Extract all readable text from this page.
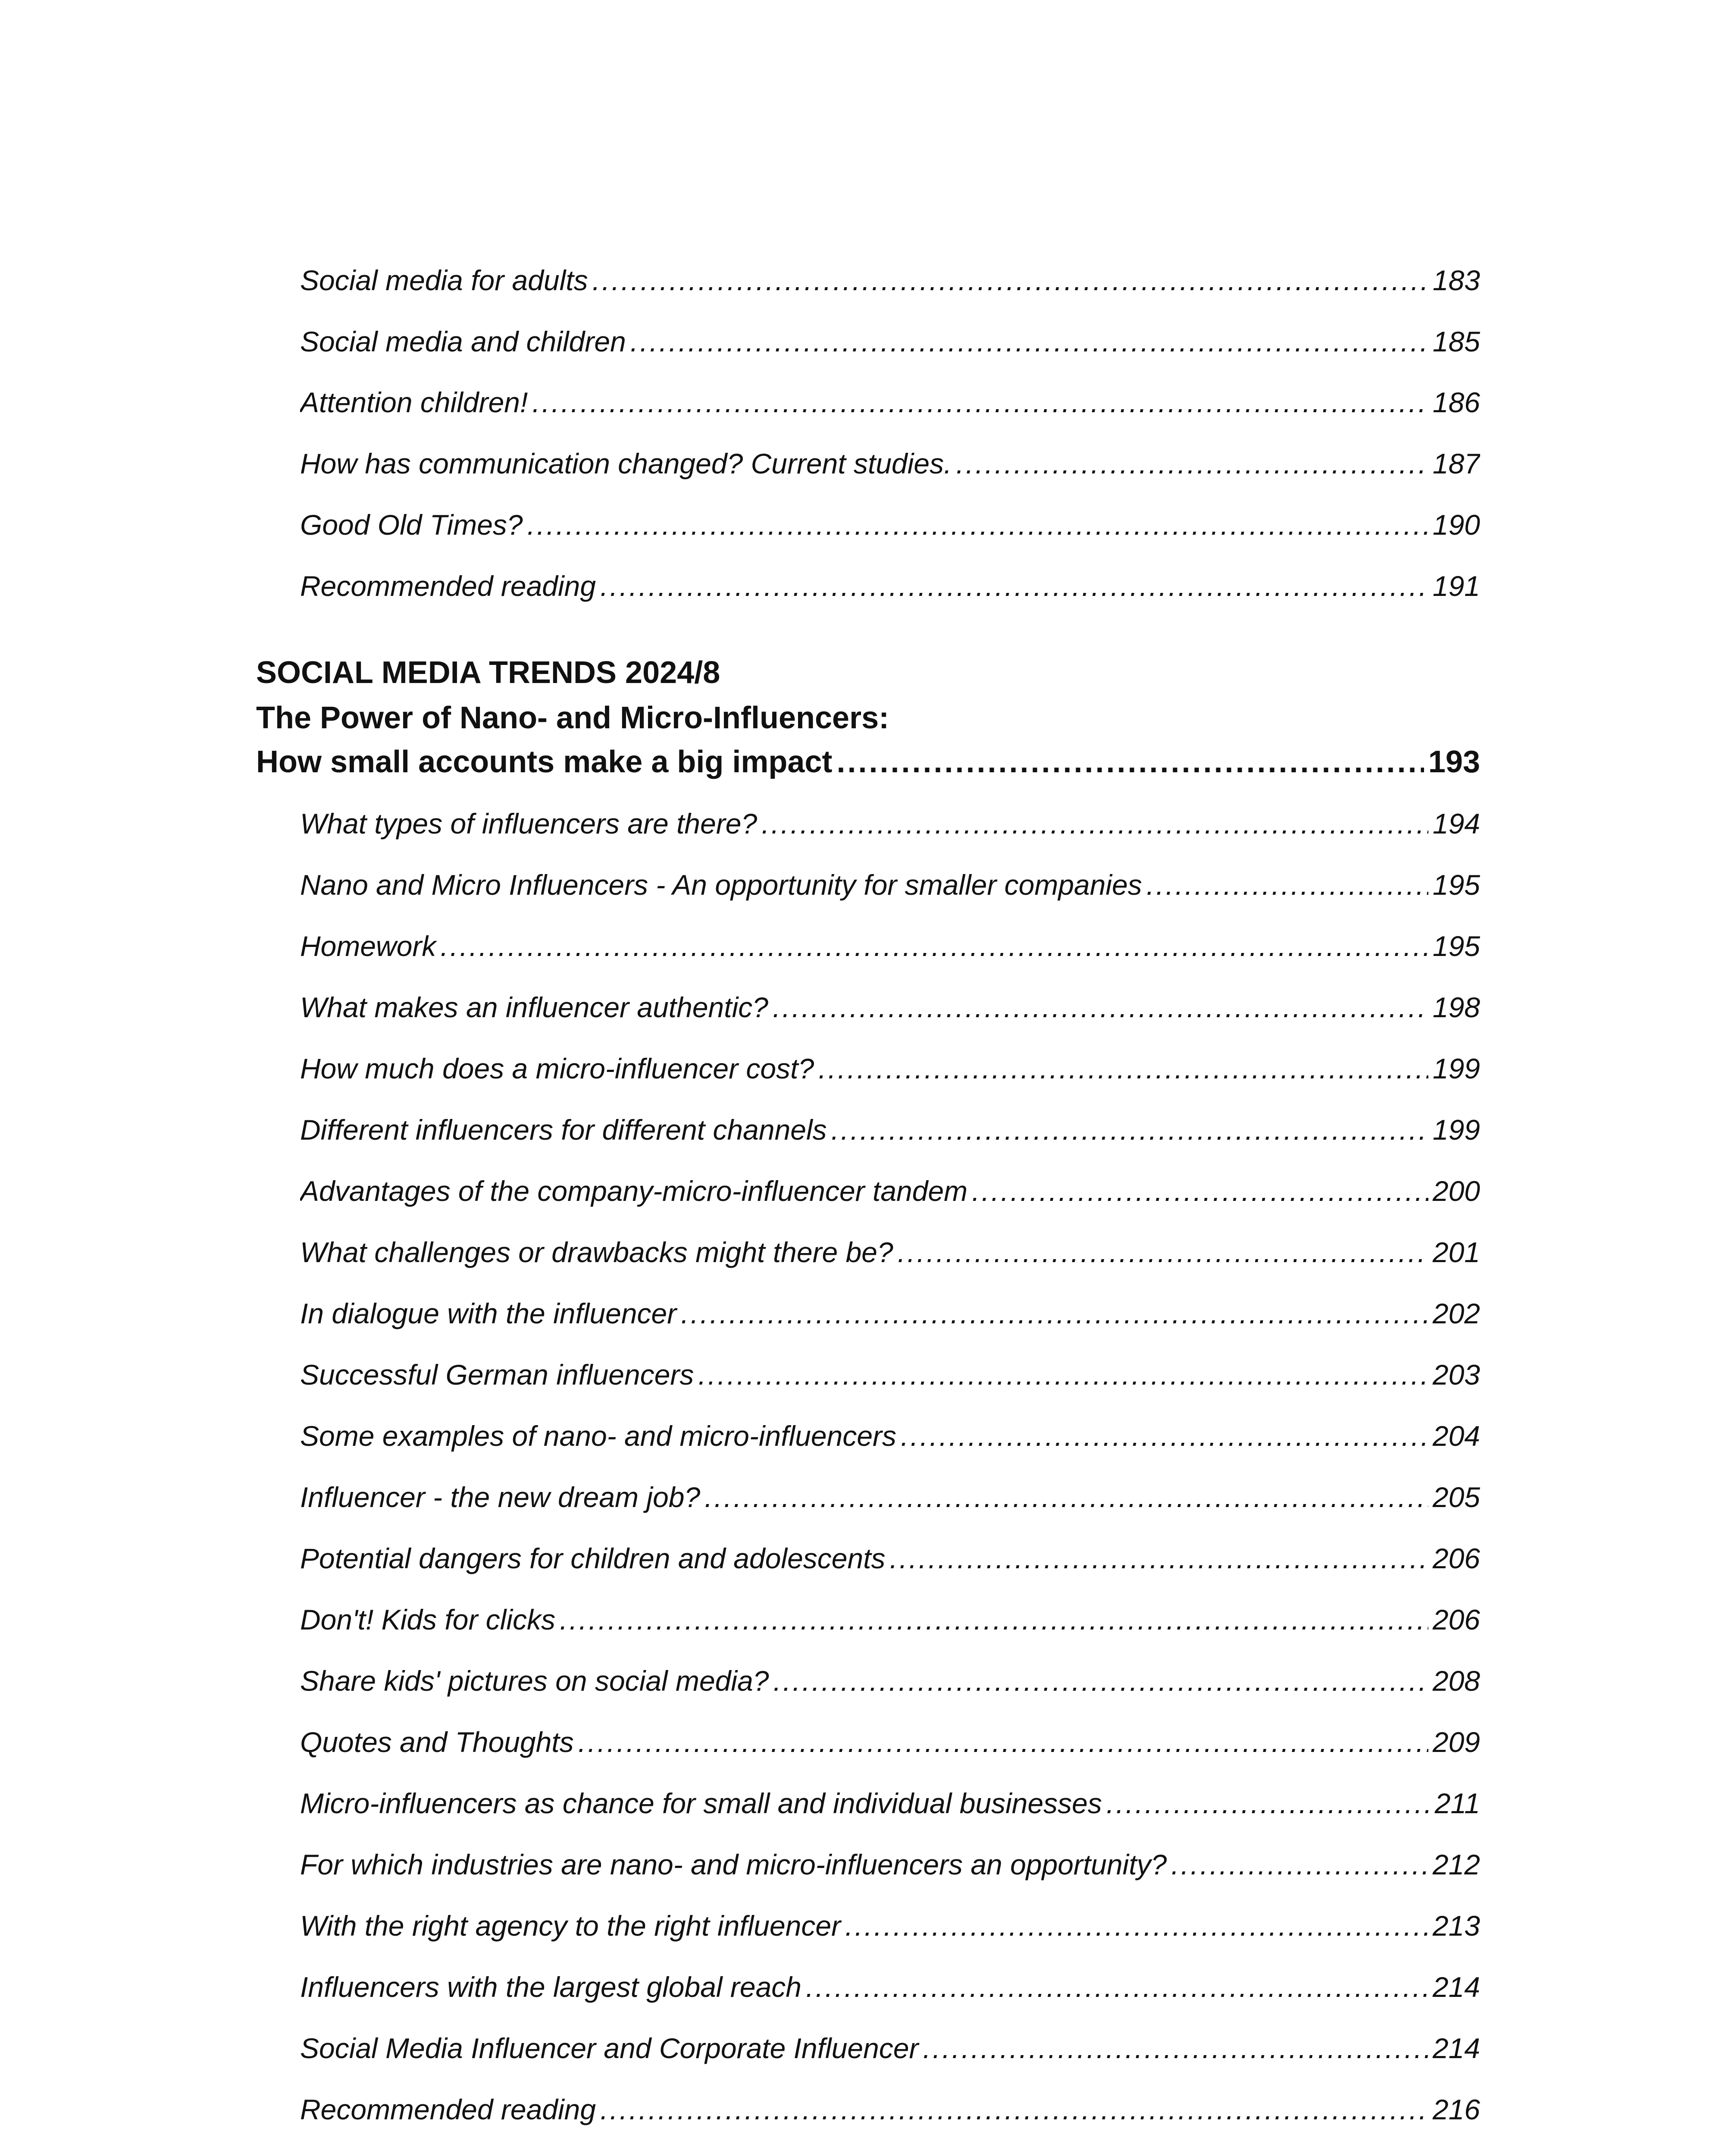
Social media for adults .....	183
Social media and children .....	185
Attention children! .....	186
How has communication changed? Current studies. .....	187
Good Old Times? .....	190
Recommended reading .....	191
SOCIAL MEDIA TRENDS 2024/8
The Power of Nano- and Micro-Influencers:
How small accounts make a big impact .....	193
What types of influencers are there? .....	194
Nano and Micro Influencers - An opportunity for smaller companies .....	195
Homework .....	195
What makes an influencer authentic? .....	198
How much does a micro-influencer cost? .....	199
Different influencers for different channels .....	199
Advantages of the company-micro-influencer tandem .....	200
What challenges or drawbacks might there be? .....	201
In dialogue with the influencer .....	202
Successful German influencers .....	203
Some examples of nano- and micro-influencers .....	204
Influencer - the new dream job? .....	205
Potential dangers for children and adolescents .....	206
Don't! Kids for clicks .....	206
Share kids' pictures on social media? .....	208
Quotes and Thoughts .....	209
Micro-influencers as chance for small and individual businesses .....	211
For which industries are nano- and micro-influencers an opportunity? .....	212
With the right agency to the right influencer .....	213
Influencers with the largest global reach .....	214
Social Media Influencer and Corporate Influencer .....	214
Recommended reading .....	216
